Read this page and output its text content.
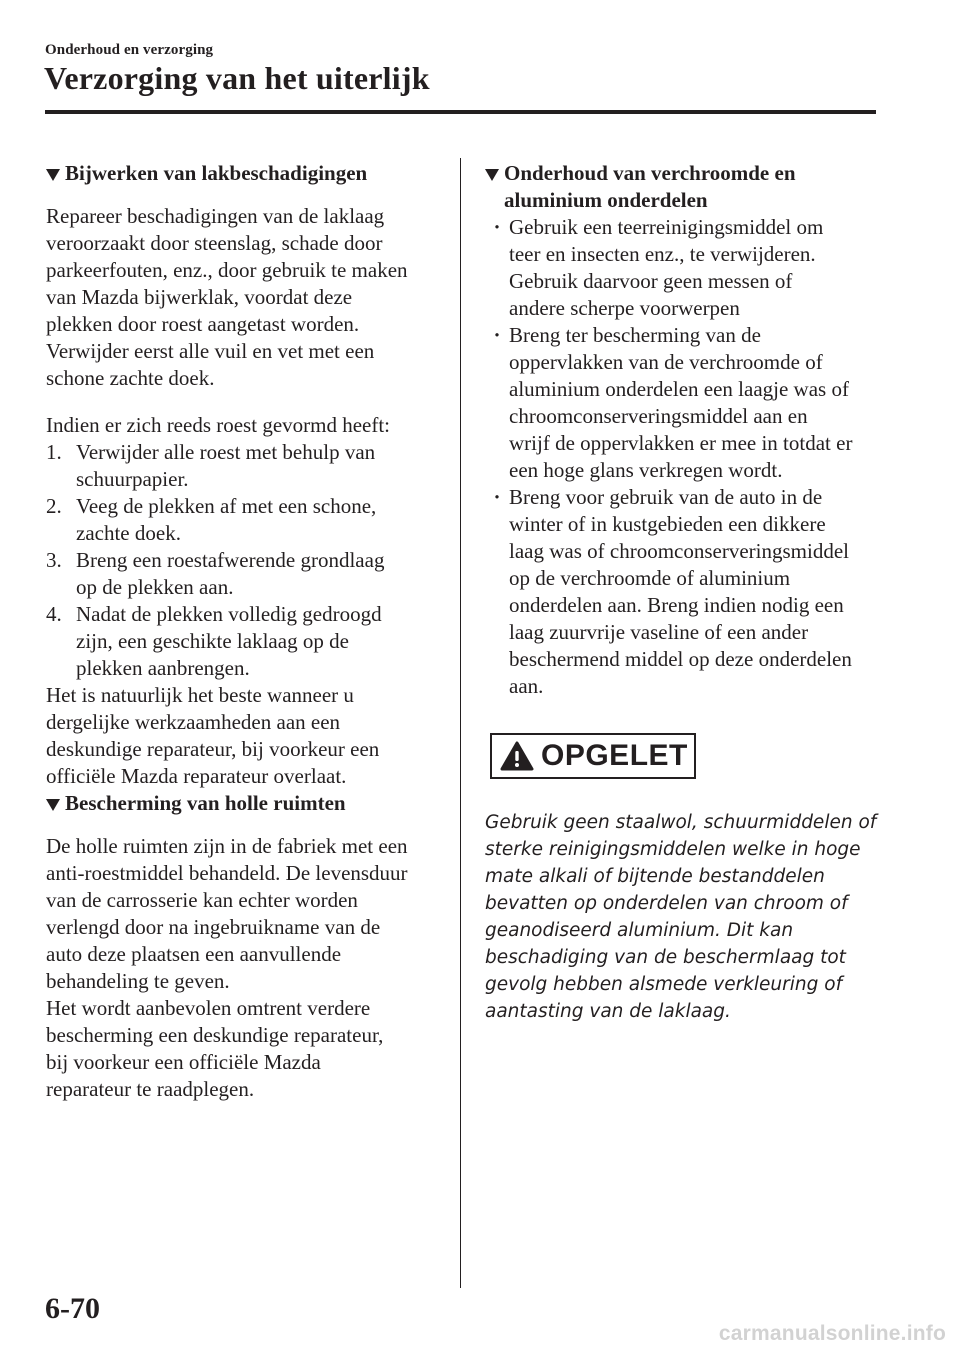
Onderhoud en verzorging
Verzorging van het uiterlijk
Bijwerken van lakbeschadigingen

Repareer beschadigingen van de laklaag
veroorzaakt door steenslag, schade door
parkeerfouten, enz., door gebruik te maken
van Mazda bijwerklak, voordat deze
plekken door roest aangetast worden.
Verwijder eerst alle vuil en vet met een
schone zachte doek.

Indien er zich reeds roest gevormd heeft:

1. Verwijder alle roest met behulp van
schuurpapier.
2. Veeg de plekken af met een schone,
zachte doek.
3. Breng een roestafwerende grondlaag
op de plekken aan.
4. Nadat de plekken volledig gedroogd
zijn, een geschikte laklaag op de
plekken aanbrengen.

Het is natuurlijk het beste wanneer u
dergelijke werkzaamheden aan een
deskundige reparateur, bij voorkeur een
officiële Mazda reparateur overlaat.

Bescherming van holle ruimten

De holle ruimten zijn in de fabriek met een
anti-roestmiddel behandeld. De levensduur
van de carrosserie kan echter worden
verlengd door na ingebruikname van de
auto deze plaatsen een aanvullende
behandeling te geven.
Het wordt aanbevolen omtrent verdere
bescherming een deskundige reparateur,
bij voorkeur een officiële Mazda
reparateur te raadplegen.

Onderhoud van verchroomde en
aluminium onderdelen
· Gebruik een teerreinigingsmiddel om
teer en insecten enz., te verwijderen.
Gebruik daarvoor geen messen of
andere scherpe voorwerpen
· Breng ter bescherming van de
oppervlakken van de verchroomde of
aluminium onderdelen een laagje was of
chroomconserveringsmiddel aan en
wrijf de oppervlakken er mee in totdat er
een hoge glans verkregen wordt.
· Breng voor gebruik van de auto in de
winter of in kustgebieden een dikkere
laag was of chroomconserveringsmiddel
op de verchroomde of aluminium
onderdelen aan. Breng indien nodig een
laag zuurvrije vaseline of een ander
beschermend middel op deze onderdelen
aan.
OPGELET

Gebruik geen staalwol, schuurmiddelen of
sterke reinigingsmiddelen welke in hoge
mate alkali of bijtende bestanddelen
bevatten op onderdelen van chroom of
geanodiseerd aluminium. Dit kan
beschadiging van de beschermlaag tot
gevolg hebben alsmede verkleuring of
aantasting van de laklaag.

6-70
carmanualsonline.info
